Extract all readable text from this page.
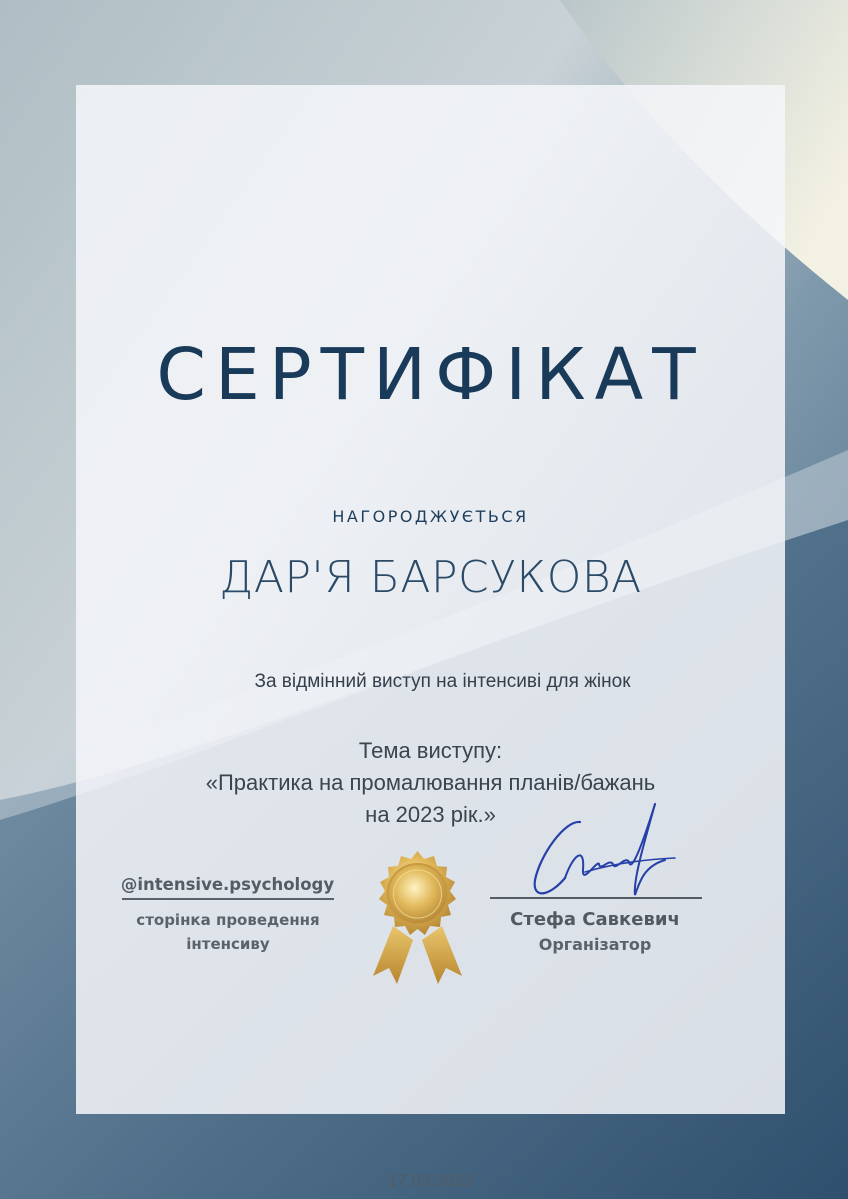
СЕРТИФІКАТ
НАГОРОДЖУЄТЬСЯ
ДАР'Я БАРСУКОВА
За відмінний виступ на інтенсиві для жінок
Тема виступу:
«Практика на промалювання планів/бажань
на 2023 рік.»
17.02.2023
@intensive.psychology
сторінка проведення
інтенсиву
Стефа Савкевич
Організатор
